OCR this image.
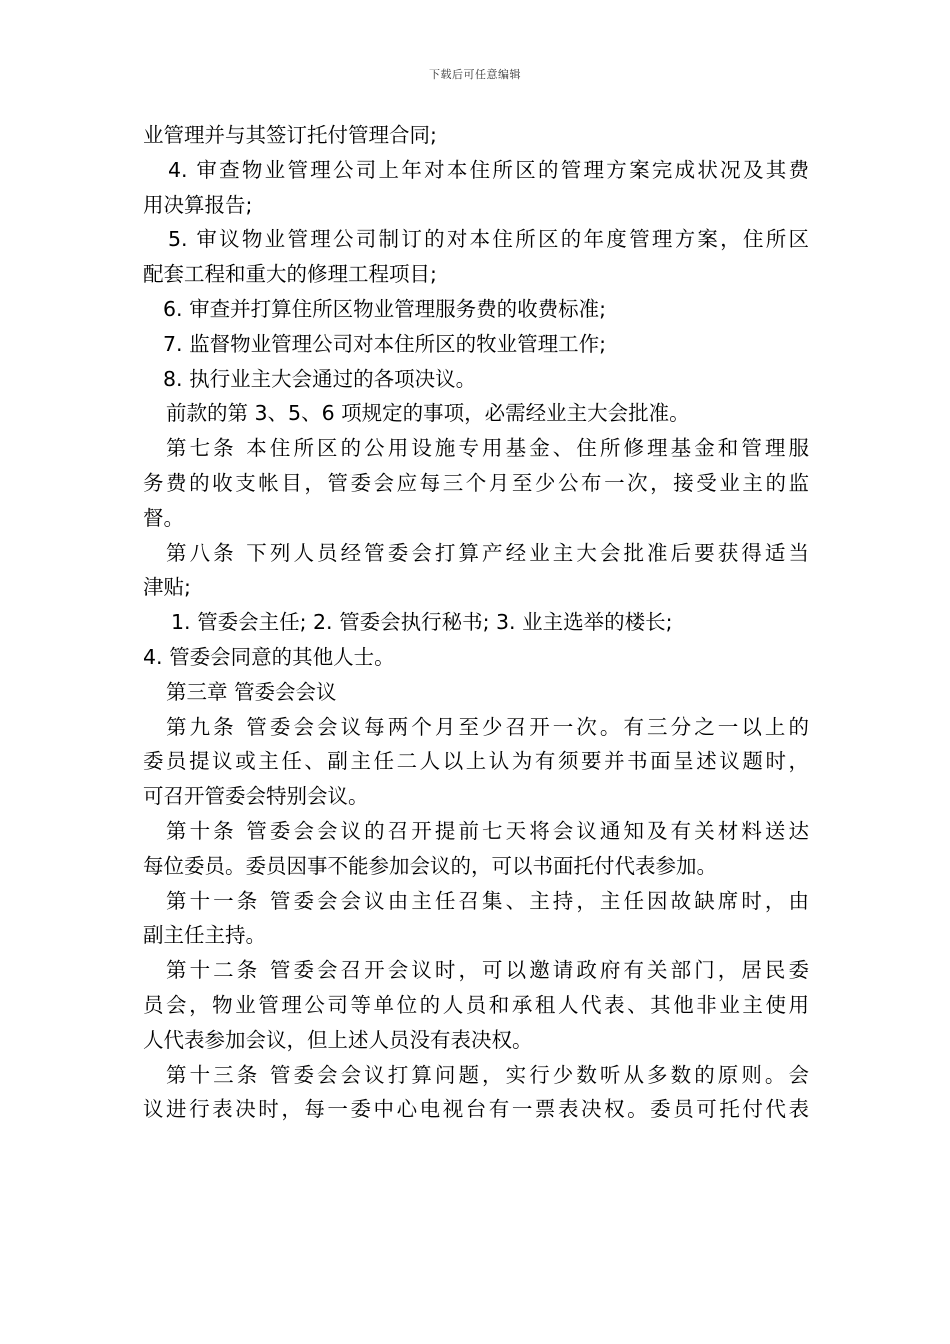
下载后可任意编辑
业管理并与其签订托付管理合同;
4. 审查物业管理公司上年对本住所区的管理方案完成状况及其费
用决算报告;
5. 审议物业管理公司制订的对本住所区的年度管理方案，住所区
配套工程和重大的修理工程项目;
6. 审查并打算住所区物业管理服务费的收费标准;
7. 监督物业管理公司对本住所区的牧业管理工作;
8. 执行业主大会通过的各项决议。
前款的第 3、5、6 项规定的事项，必需经业主大会批准。
第七条 本住所区的公用设施专用基金、住所修理基金和管理服
务费的收支帐目，管委会应每三个月至少公布一次，接受业主的监
督。
第八条 下列人员经管委会打算产经业主大会批准后要获得适当
津贴;
1. 管委会主任; 2. 管委会执行秘书; 3. 业主选举的楼长;
4. 管委会同意的其他人士。
第三章 管委会会议
第九条 管委会会议每两个月至少召开一次。有三分之一以上的
委员提议或主任、副主任二人以上认为有须要并书面呈述议题时，
可召开管委会特别会议。
第十条 管委会会议的召开提前七天将会议通知及有关材料送达
每位委员。委员因事不能参加会议的，可以书面托付代表参加。
第十一条 管委会会议由主任召集、主持，主任因故缺席时，由
副主任主持。
第十二条 管委会召开会议时，可以邀请政府有关部门，居民委
员会，物业管理公司等单位的人员和承租人代表、其他非业主使用
人代表参加会议，但上述人员没有表决权。
第十三条 管委会会议打算问题，实行少数听从多数的原则。会
议进行表决时，每一委中心电视台有一票表决权。委员可托付代表
